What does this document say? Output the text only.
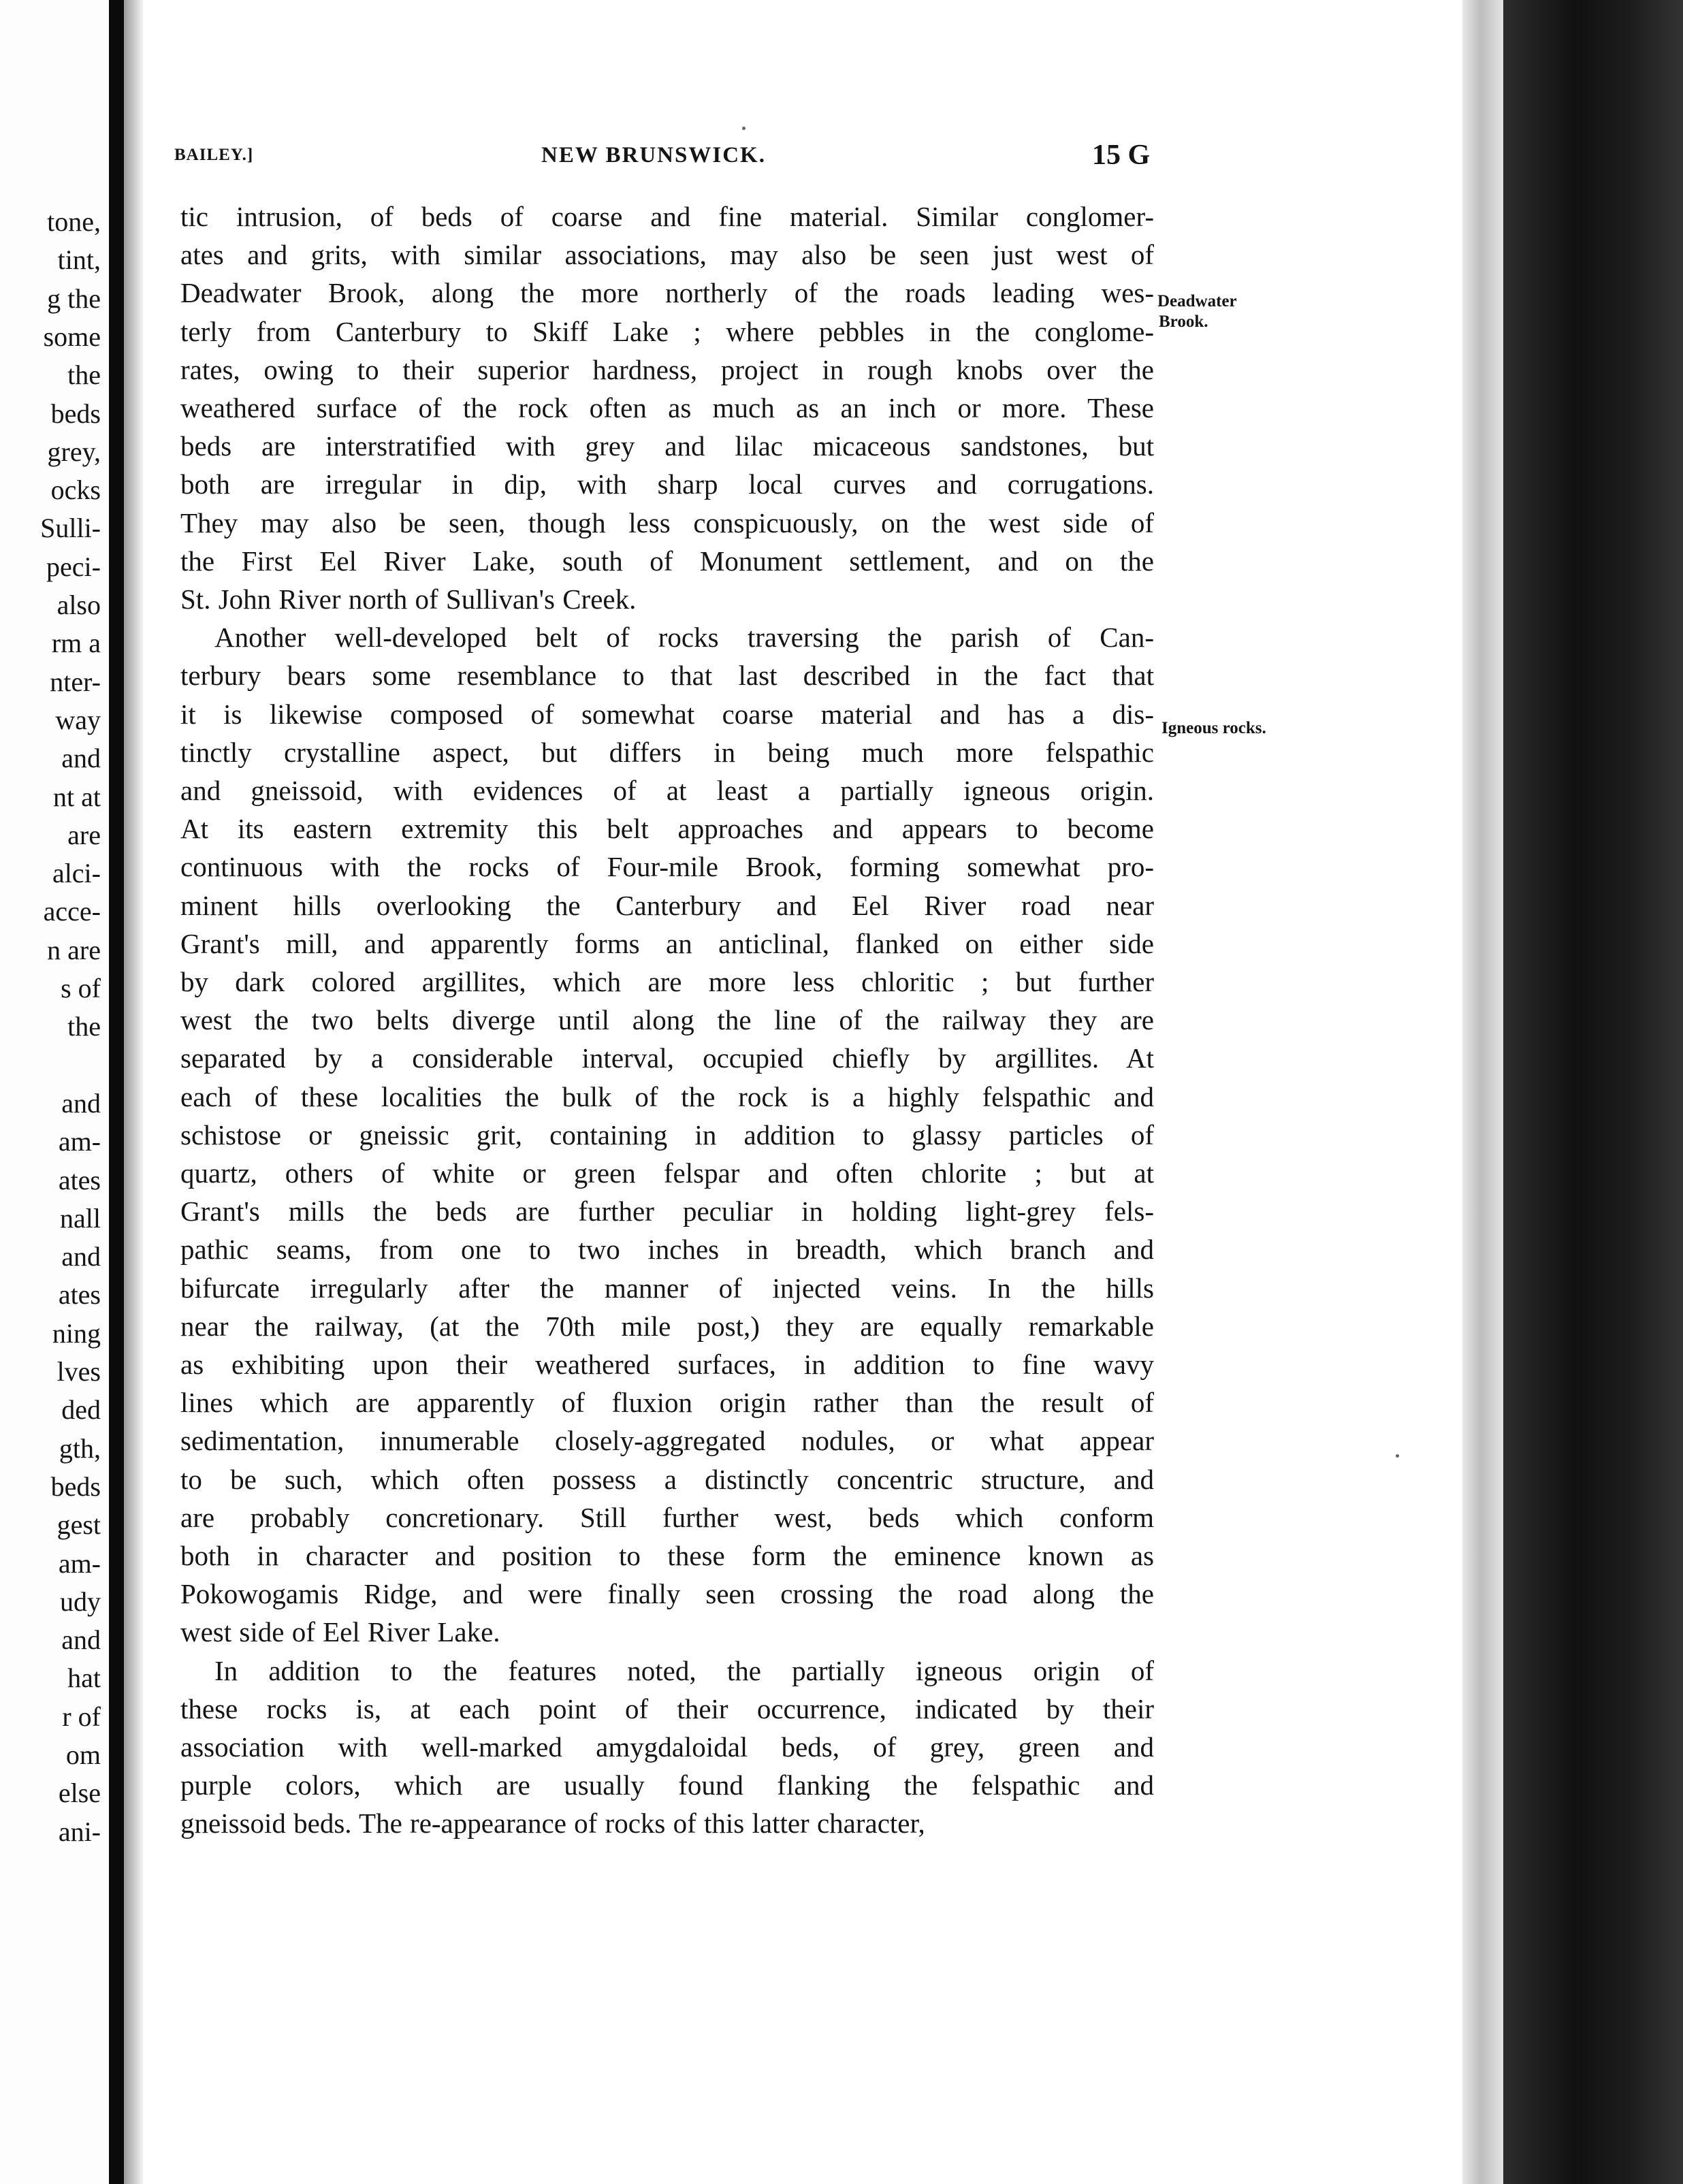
tone,
tint,
g the
some
the
beds
grey,
ocks
Sulli-
peci-
also
rm a
nter-
way
and
nt at
are
alci-
acce-
n are
s of
the
and
am-
ates
nall
and
ates
ning
lves
ded
gth,
beds
gest
am-
udy
and
hat
r of
om
else
ani-
BAILEY.]	NEW BRUNSWICK.	15 G
Deadwater
Brook.
Igneous rocks.
tic intrusion, of beds of coarse and fine material. Similar conglomer-
ates and grits, with similar associations, may also be seen just west of
Deadwater Brook, along the more northerly of the roads leading wes-
terly from Canterbury to Skiff Lake ; where pebbles in the conglome-
rates, owing to their superior hardness, project in rough knobs over the
weathered surface of the rock often as much as an inch or more. These
beds are interstratified with grey and lilac micaceous sandstones, but
both are irregular in dip, with sharp local curves and corrugations.
They may also be seen, though less conspicuously, on the west side of
the First Eel River Lake, south of Monument settlement, and on the
St. John River north of Sullivan's Creek.
Another well-developed belt of rocks traversing the parish of Can-
terbury bears some resemblance to that last described in the fact that
it is likewise composed of somewhat coarse material and has a dis-
tinctly crystalline aspect, but differs in being much more felspathic
and gneissoid, with evidences of at least a partially igneous origin.
At its eastern extremity this belt approaches and appears to become
continuous with the rocks of Four-mile Brook, forming somewhat pro-
minent hills overlooking the Canterbury and Eel River road near
Grant's mill, and apparently forms an anticlinal, flanked on either side
by dark colored argillites, which are more less chloritic ; but further
west the two belts diverge until along the line of the railway they are
separated by a considerable interval, occupied chiefly by argillites. At
each of these localities the bulk of the rock is a highly felspathic and
schistose or gneissic grit, containing in addition to glassy particles of
quartz, others of white or green felspar and often chlorite ; but at
Grant's mills the beds are further peculiar in holding light-grey fels-
pathic seams, from one to two inches in breadth, which branch and
bifurcate irregularly after the manner of injected veins. In the hills
near the railway, (at the 70th mile post,) they are equally remarkable
as exhibiting upon their weathered surfaces, in addition to fine wavy
lines which are apparently of fluxion origin rather than the result of
sedimentation, innumerable closely-aggregated nodules, or what appear
to be such, which often possess a distinctly concentric structure, and
are probably concretionary. Still further west, beds which conform
both in character and position to these form the eminence known as
Pokowogamis Ridge, and were finally seen crossing the road along the
west side of Eel River Lake.
In addition to the features noted, the partially igneous origin of
these rocks is, at each point of their occurrence, indicated by their
association with well-marked amygdaloidal beds, of grey, green and
purple colors, which are usually found flanking the felspathic and
gneissoid beds. The re-appearance of rocks of this latter character,
